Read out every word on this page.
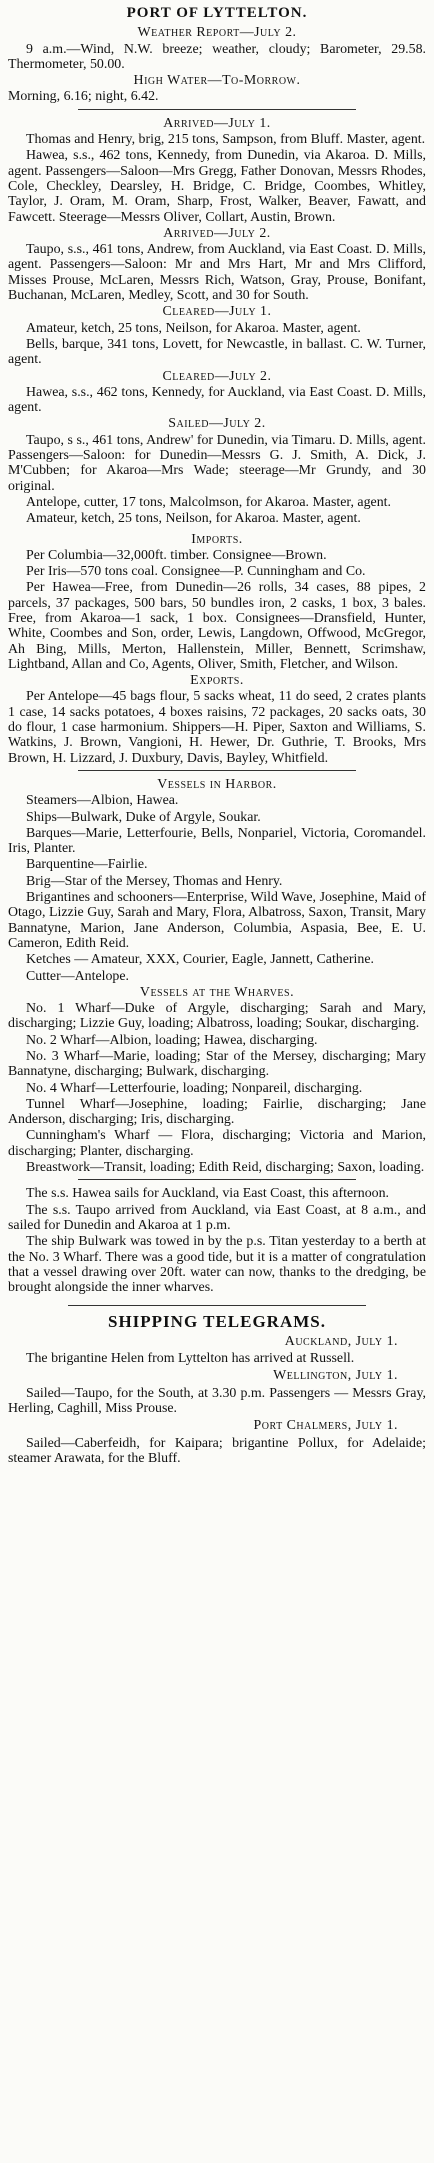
PORT OF LYTTELTON.
Weather Report—July 2.

9 a.m.—Wind, N.W. breeze; weather, cloudy; Barometer, 29.58. Thermometer, 50.00.

High Water—To-Morrow.

Morning, 6.16; night, 6.42.

Arrived—July 1.

Thomas and Henry, brig, 215 tons, Sampson, from Bluff. Master, agent.

Hawea, s.s., 462 tons, Kennedy, from Dunedin, via Akaroa. D. Mills, agent. Passengers—Saloon—Mrs Gregg, Father Donovan, Messrs Rhodes, Cole, Checkley, Dearsley, H. Bridge, C. Bridge, Coombes, Whitley, Taylor, J. Oram, M. Oram, Sharp, Frost, Walker, Beaver, Fawatt, and Fawcett. Steerage—Messrs Oliver, Collart, Austin, Brown.

Arrived—July 2.

Taupo, s.s., 461 tons, Andrew, from Auckland, via East Coast. D. Mills, agent. Passengers—Saloon: Mr and Mrs Hart, Mr and Mrs Clifford, Misses Prouse, McLaren, Messrs Rich, Watson, Gray, Prouse, Bonifant, Buchanan, McLaren, Medley, Scott, and 30 for South.

Cleared—July 1.

Amateur, ketch, 25 tons, Neilson, for Akaroa. Master, agent.

Bells, barque, 341 tons, Lovett, for Newcastle, in ballast. C. W. Turner, agent.

Cleared—July 2.

Hawea, s.s., 462 tons, Kennedy, for Auckland, via East Coast. D. Mills, agent.

Sailed—July 2.

Taupo, s s., 461 tons, Andrew' for Dunedin, via Timaru. D. Mills, agent. Passengers—Saloon: for Dunedin—Messrs G. J. Smith, A. Dick, J. M'Cubben; for Akaroa—Mrs Wade; steerage—Mr Grundy, and 30 original.

Antelope, cutter, 17 tons, Malcolmson, for Akaroa. Master, agent.

Amateur, ketch, 25 tons, Neilson, for Akaroa. Master, agent.

Imports.

Per Columbia—32,000ft. timber. Consignee—Brown.

Per Iris—570 tons coal. Consignee—P. Cunningham and Co.

Per Hawea—Free, from Dunedin—26 rolls, 34 cases, 88 pipes, 2 parcels, 37 packages, 500 bars, 50 bundles iron, 2 casks, 1 box, 3 bales. Free, from Akaroa—1 sack, 1 box. Consignees—Dransfield, Hunter, White, Coombes and Son, order, Lewis, Langdown, Offwood, McGregor, Ah Bing, Mills, Merton, Hallenstein, Miller, Bennett, Scrimshaw, Lightband, Allan and Co, Agents, Oliver, Smith, Fletcher, and Wilson.

Exports.

Per Antelope—45 bags flour, 5 sacks wheat, 11 do seed, 2 crates plants 1 case, 14 sacks potatoes, 4 boxes raisins, 72 packages, 20 sacks oats, 30 do flour, 1 case harmonium. Shippers—H. Piper, Saxton and Williams, S. Watkins, J. Brown, Vangioni, H. Hewer, Dr. Guthrie, T. Brooks, Mrs Brown, H. Lizzard, J. Duxbury, Davis, Bayley, Whitfield.

Vessels in Harbor.

Steamers—Albion, Hawea.

Ships—Bulwark, Duke of Argyle, Soukar.

Barques—Marie, Letterfourie, Bells, Nonpariel, Victoria, Coromandel. Iris, Planter.

Barquentine—Fairlie.

Brig—Star of the Mersey, Thomas and Henry.

Brigantines and schooners—Enterprise, Wild Wave, Josephine, Maid of Otago, Lizzie Guy, Sarah and Mary, Flora, Albatross, Saxon, Transit, Mary Bannatyne, Marion, Jane Anderson, Columbia, Aspasia, Bee, E. U. Cameron, Edith Reid.

Ketches — Amateur, XXX, Courier, Eagle, Jannett, Catherine.

Cutter—Antelope.

Vessels at the Wharves.

No. 1 Wharf—Duke of Argyle, discharging; Sarah and Mary, discharging; Lizzie Guy, loading; Albatross, loading; Soukar, discharging.

No. 2 Wharf—Albion, loading; Hawea, discharging.

No. 3 Wharf—Marie, loading; Star of the Mersey, discharging; Mary Bannatyne, discharging; Bulwark, discharging.

No. 4 Wharf—Letterfourie, loading; Nonpareil, discharging.

Tunnel Wharf—Josephine, loading; Fairlie, discharging; Jane Anderson, discharging; Iris, discharging.

Cunningham's Wharf — Flora, discharging; Victoria and Marion, discharging; Planter, discharging.

Breastwork—Transit, loading; Edith Reid, discharging; Saxon, loading.

The s.s. Hawea sails for Auckland, via East Coast, this afternoon.

The s.s. Taupo arrived from Auckland, via East Coast, at 8 a.m., and sailed for Dunedin and Akaroa at 1 p.m.

The ship Bulwark was towed in by the p.s. Titan yesterday to a berth at the No. 3 Wharf. There was a good tide, but it is a matter of congratulation that a vessel drawing over 20ft. water can now, thanks to the dredging, be brought alongside the inner wharves.

SHIPPING TELEGRAMS.
Auckland, July 1.

The brigantine Helen from Lyttelton has arrived at Russell.

Wellington, July 1.

Sailed—Taupo, for the South, at 3.30 p.m. Passengers — Messrs Gray, Herling, Caghill, Miss Prouse.

Port Chalmers, July 1.

Sailed—Caberfeidh, for Kaipara; brigantine Pollux, for Adelaide; steamer Arawata, for the Bluff.
